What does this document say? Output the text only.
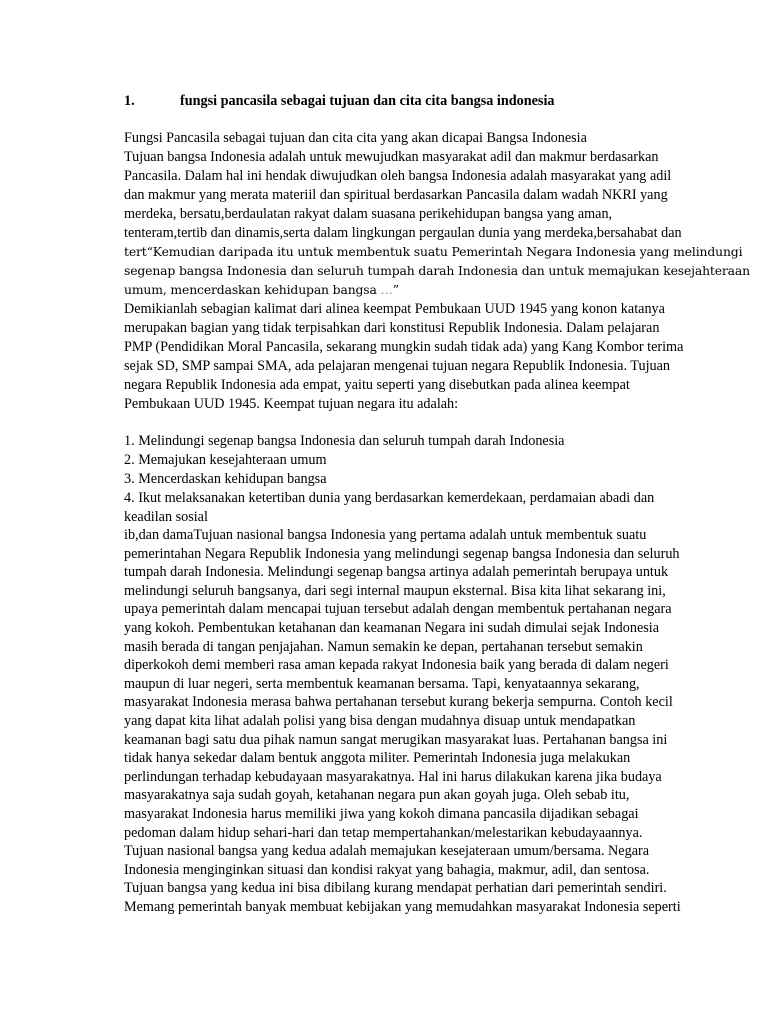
1.	fungsi pancasila sebagai tujuan dan cita cita bangsa indonesia
Fungsi Pancasila sebagai tujuan dan cita cita yang akan dicapai Bangsa Indonesia
Tujuan bangsa Indonesia adalah untuk mewujudkan masyarakat adil dan makmur berdasarkan
Pancasila. Dalam hal ini hendak diwujudkan oleh bangsa Indonesia adalah masyarakat yang adil
dan makmur yang merata materiil dan spiritual berdasarkan Pancasila dalam wadah NKRI yang
merdeka, bersatu,berdaulatan rakyat dalam suasana perikehidupan bangsa yang aman,
tenteram,tertib dan dinamis,serta dalam lingkungan pergaulan dunia yang merdeka,bersahabat dan
tert“Kemudian daripada itu untuk membentuk suatu Pemerintah Negara Indonesia yang melindungi
segenap bangsa Indonesia dan seluruh tumpah darah Indonesia dan untuk memajukan kesejahteraan
umum, mencerdaskan kehidupan bangsa …”
Demikianlah sebagian kalimat dari alinea keempat Pembukaan UUD 1945 yang konon katanya
merupakan bagian yang tidak terpisahkan dari konstitusi Republik Indonesia. Dalam pelajaran
PMP (Pendidikan Moral Pancasila, sekarang mungkin sudah tidak ada) yang Kang Kombor terima
sejak SD, SMP sampai SMA, ada pelajaran mengenai tujuan negara Republik Indonesia. Tujuan
negara Republik Indonesia ada empat, yaitu seperti yang disebutkan pada alinea keempat
Pembukaan UUD 1945. Keempat tujuan negara itu adalah:
1. Melindungi segenap bangsa Indonesia dan seluruh tumpah darah Indonesia
2. Memajukan kesejahteraan umum
3. Mencerdaskan kehidupan bangsa
4. Ikut melaksanakan ketertiban dunia yang berdasarkan kemerdekaan, perdamaian abadi dan
keadilan sosial
ib,dan damaTujuan nasional bangsa Indonesia yang pertama adalah untuk membentuk suatu
pemerintahan Negara Republik Indonesia yang melindungi segenap bangsa Indonesia dan seluruh
tumpah darah Indonesia. Melindungi segenap bangsa artinya adalah pemerintah berupaya untuk
melindungi seluruh bangsanya, dari segi internal maupun eksternal. Bisa kita lihat sekarang ini,
upaya pemerintah dalam mencapai tujuan tersebut adalah dengan membentuk pertahanan negara
yang kokoh. Pembentukan ketahanan dan keamanan Negara ini sudah dimulai sejak Indonesia
masih berada di tangan penjajahan. Namun semakin ke depan, pertahanan tersebut semakin
diperkokoh demi memberi rasa aman kepada rakyat Indonesia baik yang berada di dalam negeri
maupun di luar negeri, serta membentuk keamanan bersama. Tapi, kenyataannya sekarang,
masyarakat Indonesia merasa bahwa pertahanan tersebut kurang bekerja sempurna. Contoh kecil
yang dapat kita lihat adalah polisi yang bisa dengan mudahnya disuap untuk mendapatkan
keamanan bagi satu dua pihak namun sangat merugikan masyarakat luas. Pertahanan bangsa ini
tidak hanya sekedar dalam bentuk anggota militer. Pemerintah Indonesia juga melakukan
perlindungan terhadap kebudayaan masyarakatnya. Hal ini harus dilakukan karena jika budaya
masyarakatnya saja sudah goyah, ketahanan negara pun akan goyah juga. Oleh sebab itu,
masyarakat Indonesia harus memiliki jiwa yang kokoh dimana pancasila dijadikan sebagai
pedoman dalam hidup sehari-hari dan tetap mempertahankan/melestarikan kebudayaannya.
Tujuan nasional bangsa yang kedua adalah memajukan kesejateraan umum/bersama. Negara
Indonesia menginginkan situasi dan kondisi rakyat yang bahagia, makmur, adil, dan sentosa.
Tujuan bangsa yang kedua ini bisa dibilang kurang mendapat perhatian dari pemerintah sendiri.
Memang pemerintah banyak membuat kebijakan yang memudahkan masyarakat Indonesia seperti
